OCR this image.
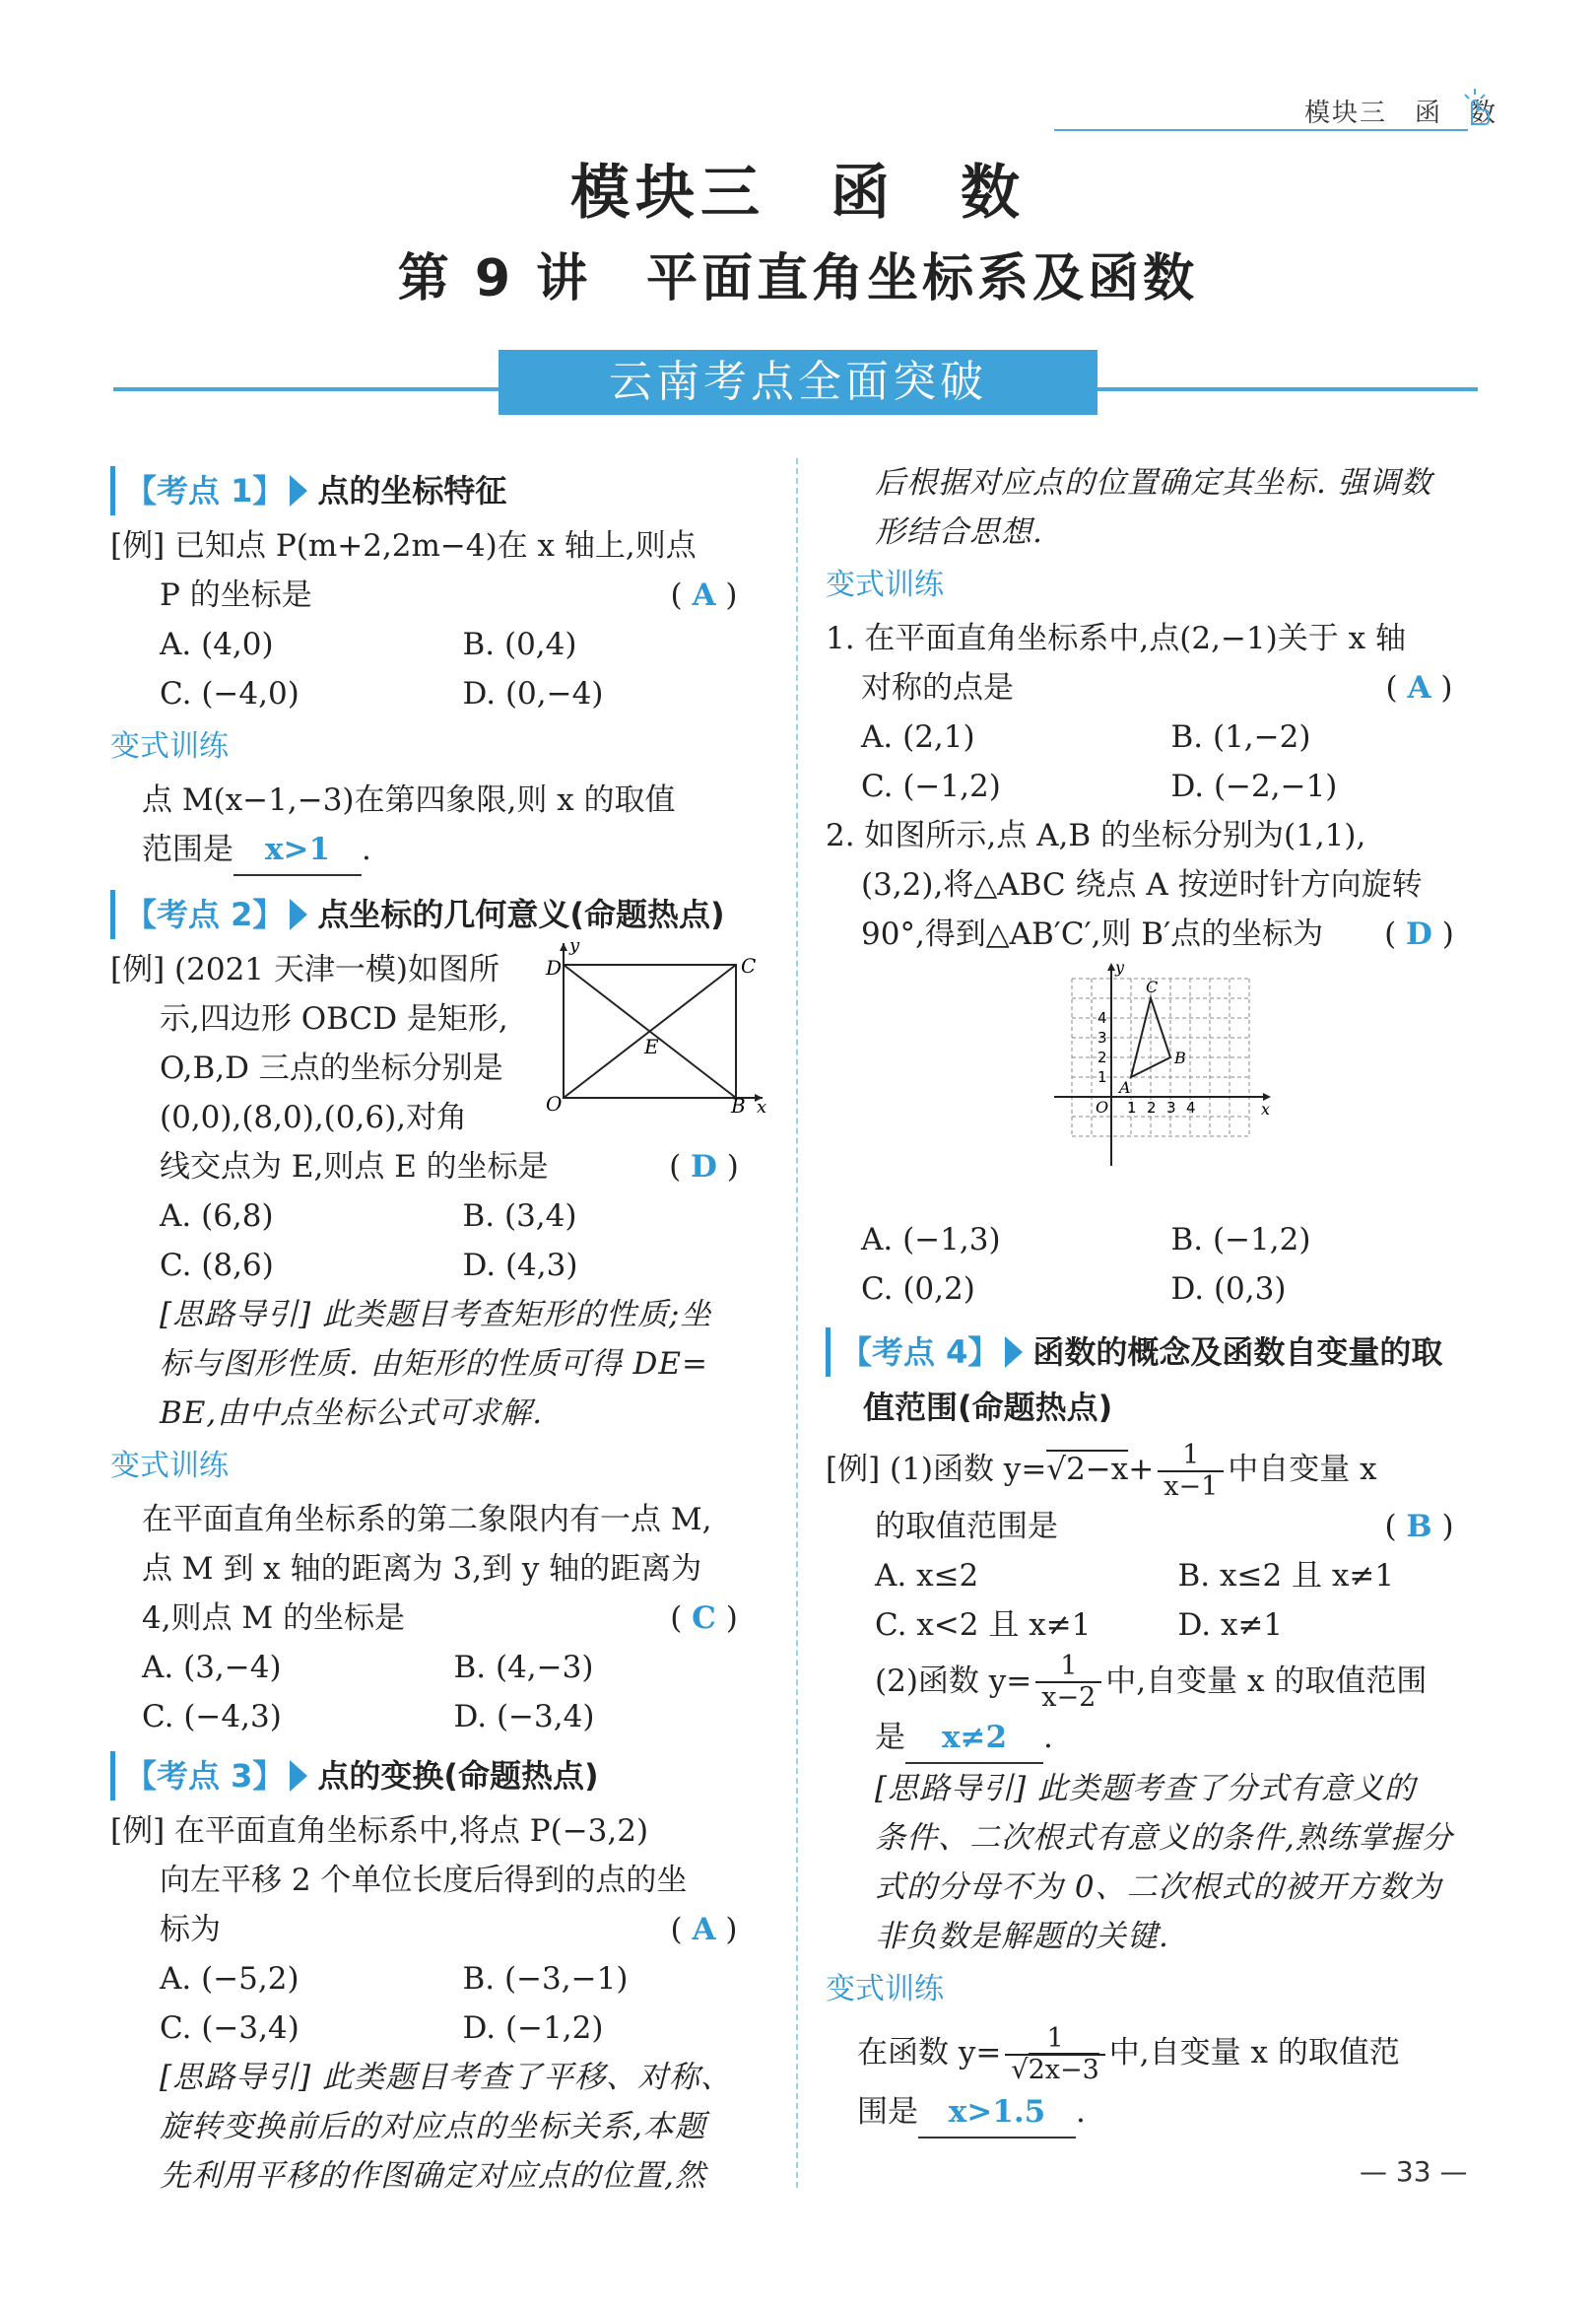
模块三　函　数
模块三　函　数
第 9 讲　平面直角坐标系及函数
云南考点全面突破
【考点 1】 点的坐标特征

[例] 已知点 P(m+2,2m−4)在 x 轴上,则点

P 的坐标是	( A )

A. (4,0)	B. (0,4)
C. (−4,0)	D. (0,−4)
变式训练

点 M(x−1,−3)在第四象限,则 x 的取值

范围是 x>1 .

【考点 2】 点坐标的几何意义(命题热点)
D	C
E
O	B x
y

[例] (2021 天津一模)如图所

示,四边形 OBCD 是矩形,

O,B,D 三点的坐标分别是

(0,0),(8,0),(0,6),对角

线交点为 E,则点 E 的坐标是	( D )

A. (6,8)	B. (3,4)
C. (8,6)	D. (4,3)

[思路导引] 此类题目考查矩形的性质;坐

标与图形性质. 由矩形的性质可得 DE=

BE,由中点坐标公式可求解.

变式训练

在平面直角坐标系的第二象限内有一点 M,

点 M 到 x 轴的距离为 3,到 y 轴的距离为

4,则点 M 的坐标是	( C )

A. (3,−4)	B. (4,−3)
C. (−4,3)	D. (−3,4)
【考点 3】 点的变换(命题热点)

[例] 在平面直角坐标系中,将点 P(−3,2)

向左平移 2 个单位长度后得到的点的坐

标为	( A )

A. (−5,2)	B. (−3,−1)
C. (−3,4)	D. (−1,2)

[思路导引] 此类题目考查了平移、对称、

旋转变换前后的对应点的坐标关系,本题

先利用平移的作图确定对应点的位置,然

后根据对应点的位置确定其坐标. 强调数

形结合思想.

变式训练

1. 在平面直角坐标系中,点(2,−1)关于 x 轴

对称的点是	( A )

A. (2,1)	B. (1,−2)
C. (−1,2)	D. (−2,−1)

2. 如图所示,点 A,B 的坐标分别为(1,1),

(3,2),将△ABC 绕点 A 按逆时针方向旋转

90°,得到△AB′C′,则 B′点的坐标为	( D )

y
x
C
B
A
O 1 2 3 4
1
2
3
4
A. (−1,3)	B. (−1,2)
C. (0,2)	D. (0,3)
【考点 4】 函数的概念及函数自变量的取

值范围(命题热点)

[例] (1)函数 $y=√2-x+ \frac{1}{x-1}$ 中自变量 x

的取值范围是	( B )

A. x≤2	B. x≤2 且 x≠1
C. x<2 且 x≠1	D. x≠1

(2)函数 $y= \frac{1}{x-2}$ 中,自变量 x 的取值范围

是 x≠2 .

[思路导引] 此类题考查了分式有意义的

条件、二次根式有意义的条件,熟练掌握分

式的分母不为 0、二次根式的被开方数为

非负数是解题的关键.

变式训练

在函数 $y= \frac{1}{√2x-3}$ 中,自变量 x 的取值范

围是 x>1.5 .

— 33 —
